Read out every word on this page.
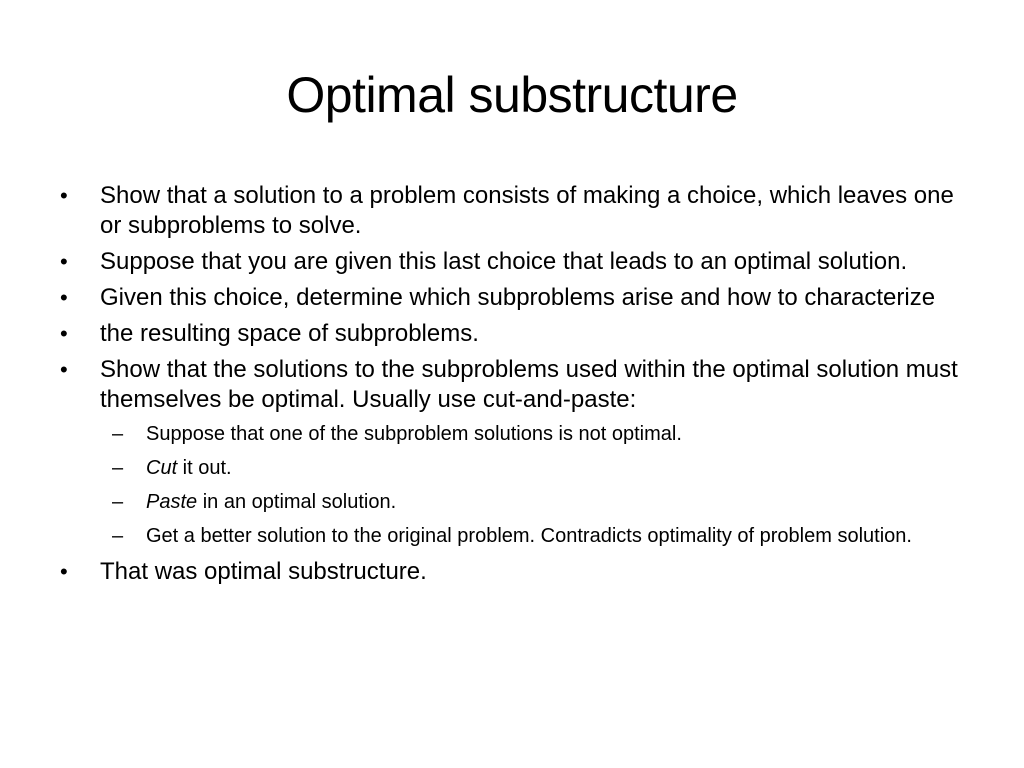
Optimal substructure
•	Show that a solution to a problem consists of making a choice, which leaves one or subproblems to solve.
•	Suppose that you are given this last choice that leads to an optimal solution.
•	Given this choice, determine which subproblems arise and how to characterize
•	the resulting space of subproblems.
•	Show that the solutions to the subproblems used within the optimal solution must themselves be optimal. Usually use cut-and-paste:
– Suppose that one of the subproblem solutions is not optimal.
– Cut it out.
– Paste in an optimal solution.
– Get a better solution to the original problem. Contradicts optimality of problem solution.
•	That was optimal substructure.
